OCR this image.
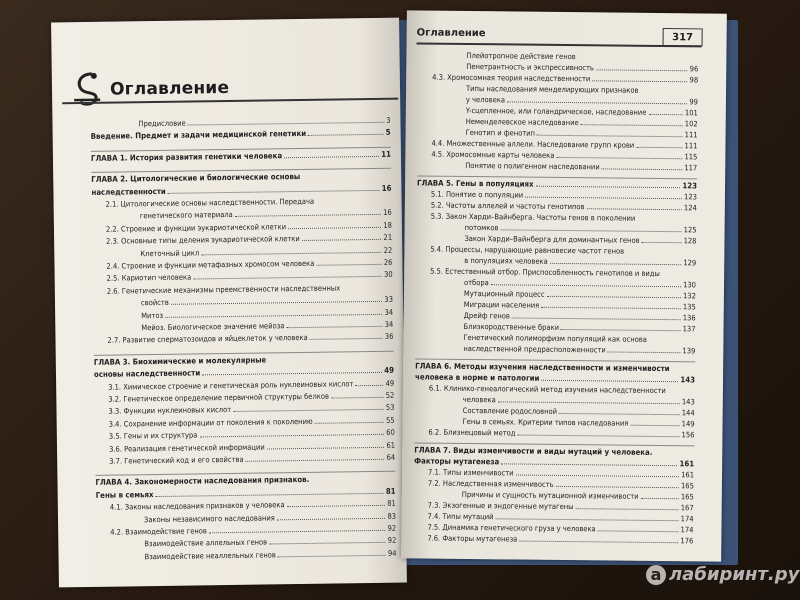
Оглавление
Предисловие	3
Введение. Предмет и задачи медицинской генетики	5
ГЛАВА 1. История развития генетики человека	11
ГЛАВА 2. Цитологические и биологические основы
наследственности	16
2.1. Цитологические основы наследственности. Передача
генетического материала	16
2.2. Строение и функции эукариотической клетки	18
2.3. Основные типы деления эукариотической клетки	21
Клеточный цикл	22
2.4. Строение и функции метафазных хромосом человека	26
2.5. Кариотип человека	30
2.6. Генетические механизмы преемственности наследственных
свойств	33
Митоз	34
Мейоз. Биологическое значение мейоза	34
2.7. Развитие сперматозоидов и яйцеклеток у человека	36
ГЛАВА 3. Биохимические и молекулярные
основы наследственности	49
3.1. Химическое строение и генетическая роль нуклеиновых кислот	49
3.2. Генетическое определение первичной структуры белков	52
3.3. Функции нуклеиновых кислот	53
3.4. Сохранение информации от поколения к поколению	55
3.5. Гены и их структура	60
3.6. Реализация генетической информации	61
3.7. Генетический код и его свойства	64
ГЛАВА 4. Закономерности наследования признаков.
Гены в семьях	81
4.1. Законы наследования признаков у человека	81
Законы независимого наследования	83
4.2. Взаимодействие генов	92
Взаимодействие аллельных генов	92
Взаимодействие неаллельных генов	94
Оглавление	317
Плейотропное действие генов
Пенетрантность и экспрессивность	96
4.3. Хромосомная теория наследственности	98
Типы наследования менделирующих признаков
у человека	99
Y-сцепленное, или голандрическое, наследование	101
Неменделевское наследование	102
Генотип и фенотип	111
4.4. Множественные аллели. Наследование групп крови	111
4.5. Хромосомные карты человека	115
Понятие о полигенном наследовании	117
ГЛАВА 5. Гены в популяциях	123
5.1. Понятие о популяции	123
5.2. Частоты аллелей и частоты генотипов	124
5.3. Закон Харди–Вайнберга. Частоты генов в поколении
потомков	125
Закон Харди–Вайнберга для доминантных генов	128
5.4. Процессы, нарушающие равновесие частот генов
в популяциях человека	129
5.5. Естественный отбор. Приспособленность генотипов и виды
отбора	130
Мутационный процесс	132
Миграции населения	135
Дрейф генов	136
Близкородственные браки	137
Генетический полиморфизм популяций как основа
наследственной предрасположенности	139
ГЛАВА 6. Методы изучения наследственности и изменчивости
человека в норме и патологии	143
6.1. Клинико-генеалогический метод изучения наследственности
человека	143
Составление родословной	144
Гены в семьях. Критерии типов наследования	149
6.2. Близнецовый метод	156
ГЛАВА 7. Виды изменчивости и виды мутаций у человека.
Факторы мутагенеза	161
7.1. Типы изменчивости	161
7.2. Наследственная изменчивость	165
Причины и сущность мутационной изменчивости	165
7.3. Экзогенные и эндогенные мутагены	167
7.4. Типы мутаций	174
7.5. Динамика генетического груза у человека	174
7.6. Факторы мутагенеза	176
а лабиринт.ру
